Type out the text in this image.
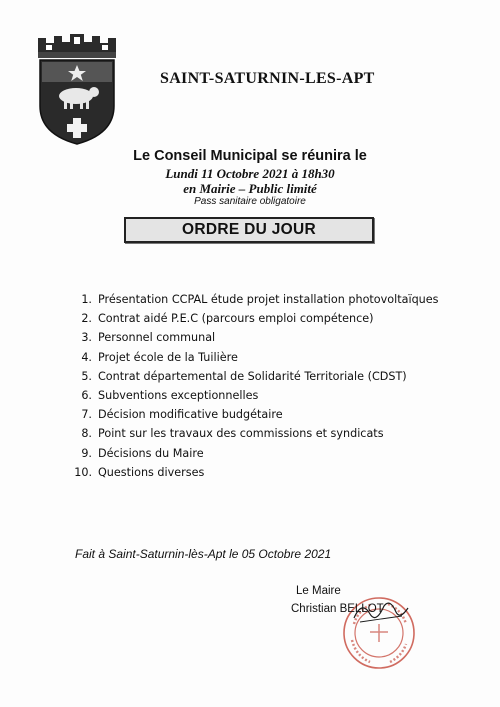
SAINT-SATURNIN-LES-APT
Le Conseil Municipal se réunira le
Lundi 11 Octobre 2021 à 18h30
en Mairie – Public limité
Pass sanitaire obligatoire
ORDRE DU JOUR
1. Présentation CCPAL étude projet installation photovoltaïques
2. Contrat aidé P.E.C (parcours emploi compétence)
3. Personnel communal
4. Projet école de la Tuilière
5. Contrat départemental de Solidarité Territoriale (CDST)
6. Subventions exceptionnelles
7. Décision modificative budgétaire
8. Point sur les travaux des commissions et syndicats
9. Décisions du Maire
10. Questions diverses
Fait à Saint-Saturnin-lès-Apt le 05 Octobre 2021
Le Maire
Christian BELLOT
